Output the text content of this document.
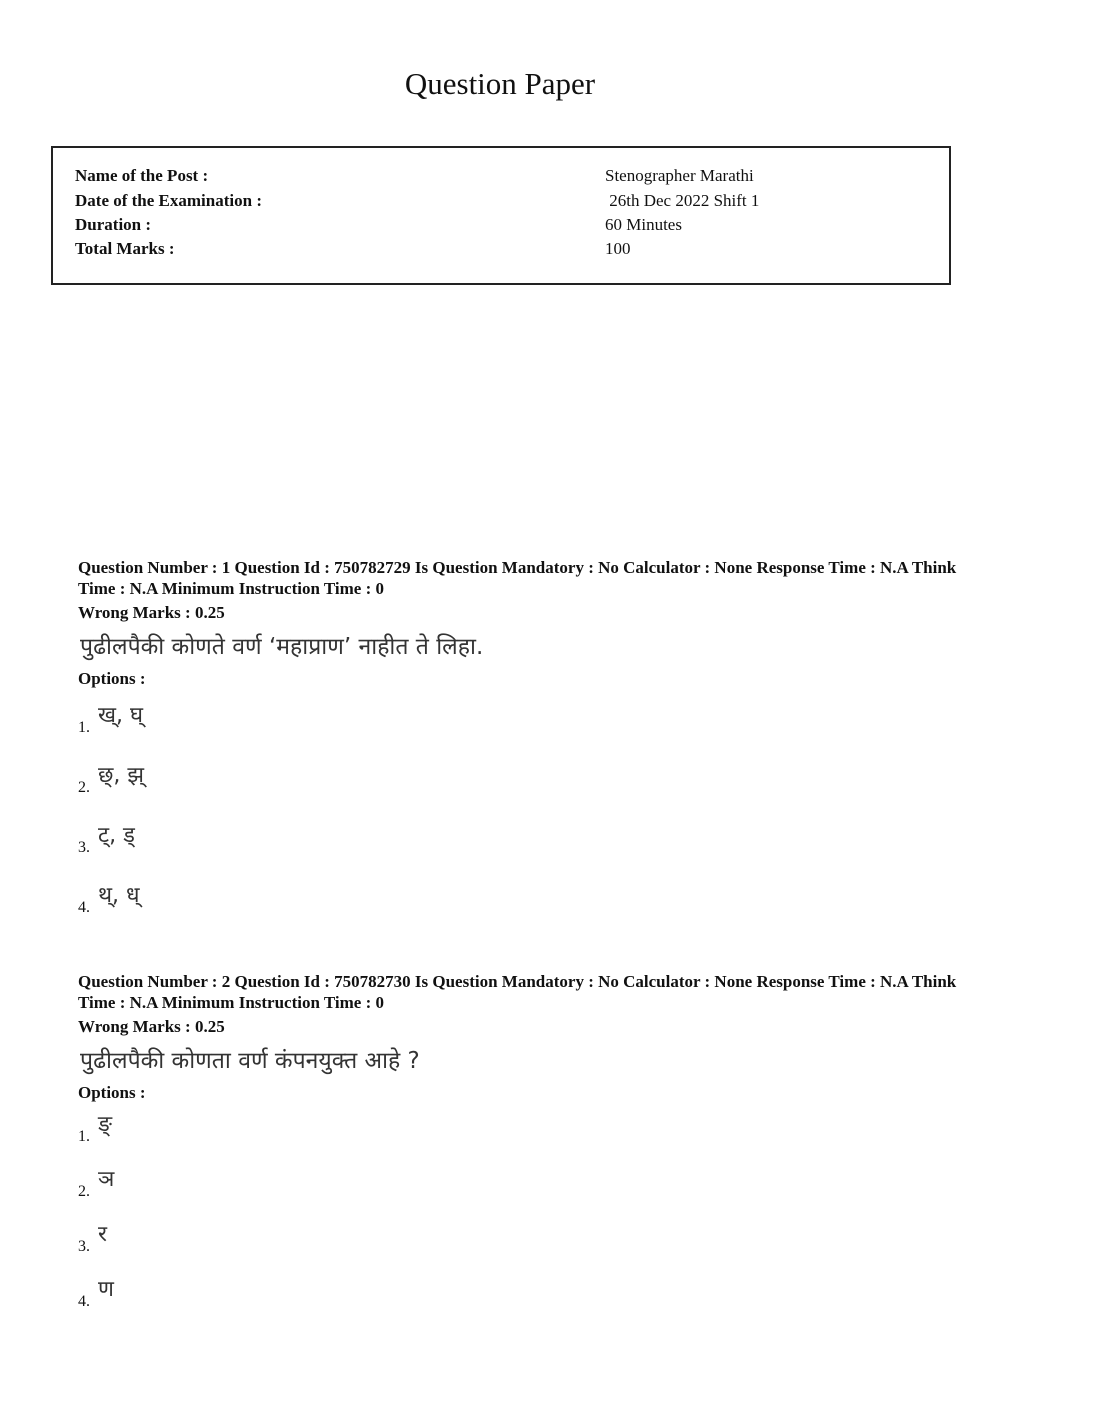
Question Paper
Name of the Post :	Stenographer Marathi
Date of the Examination :	26th Dec 2022 Shift 1
Duration :	60 Minutes
Total Marks :	100
Question Number : 1 Question Id : 750782729 Is Question Mandatory : No Calculator : None Response Time : N.A Think
Time : N.A Minimum Instruction Time : 0
Wrong Marks : 0.25
पुढीलपैकी कोणते वर्ण ‘महाप्राण’ नाहीत ते लिहा.
Options :
1. ख्, घ्
2. छ्, झ्
3. ट्, ड्
4. थ्, ध्
Question Number : 2 Question Id : 750782730 Is Question Mandatory : No Calculator : None Response Time : N.A Think
Time : N.A Minimum Instruction Time : 0
Wrong Marks : 0.25
पुढीलपैकी कोणता वर्ण कंपनयुक्त आहे ?
Options :
1. ङ्
2. ञ
3. र
4. ण
